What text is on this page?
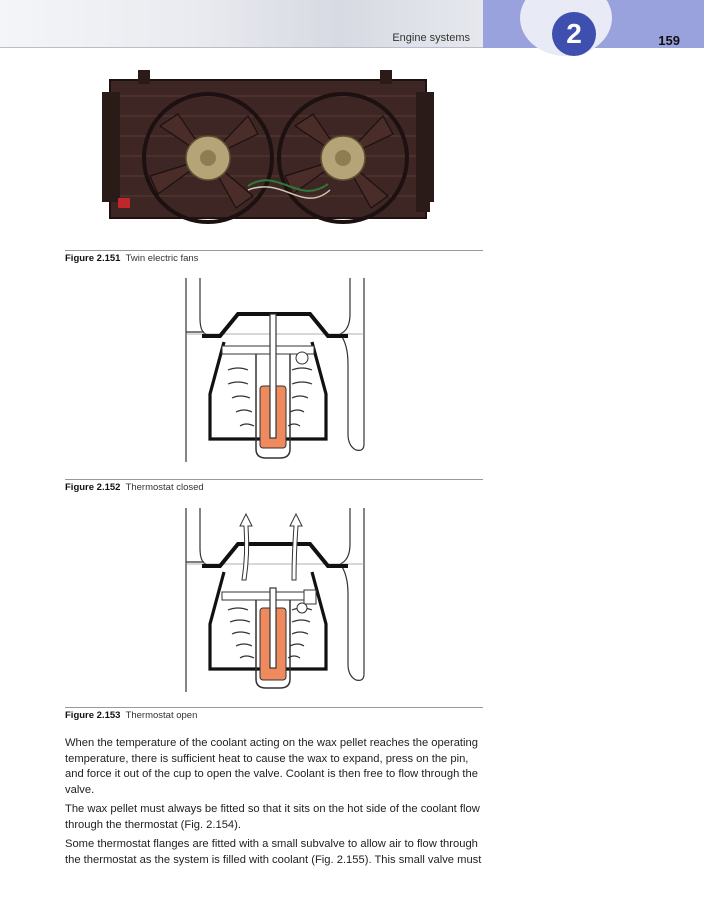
Engine systems	2	159
Figure 2.151 Twin electric fans
Figure 2.152 Thermostat closed
Figure 2.153 Thermostat open

When the temperature of the coolant acting on the wax pellet reaches the operating temperature, there is sufficient heat to cause the wax to expand, press on the pin, and force it out of the cup to open the valve. Coolant is then free to flow through the valve.

The wax pellet must always be fitted so that it sits on the hot side of the coolant flow through the thermostat (Fig. 2.154).

Some thermostat flanges are fitted with a small subvalve to allow air to flow through the thermostat as the system is filled with coolant (Fig. 2.155). This small valve must
